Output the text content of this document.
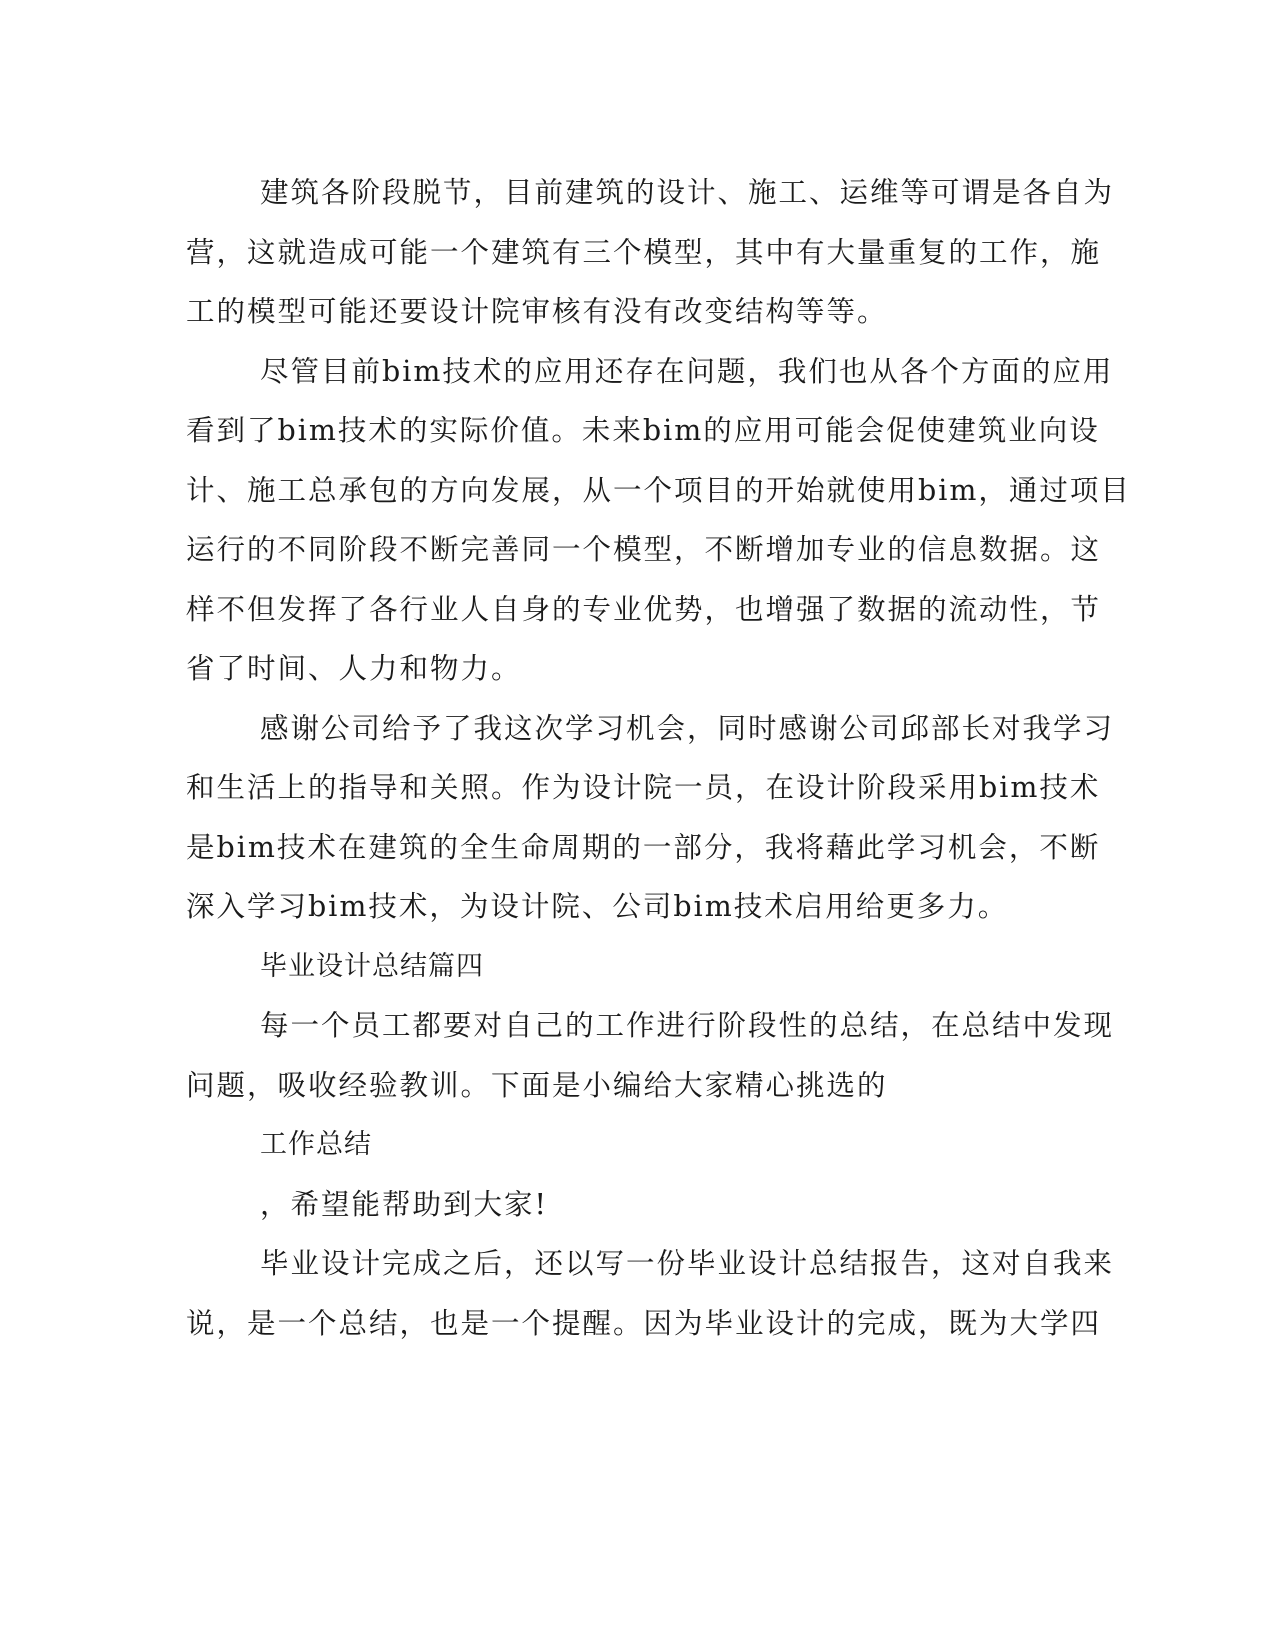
建筑各阶段脱节，目前建筑的设计、施工、运维等可谓是各自为
营，这就造成可能一个建筑有三个模型，其中有大量重复的工作，施
工的模型可能还要设计院审核有没有改变结构等等。

尽管目前bim技术的应用还存在问题，我们也从各个方面的应用
看到了bim技术的实际价值。未来bim的应用可能会促使建筑业向设
计、施工总承包的方向发展，从一个项目的开始就使用bim，通过项目
运行的不同阶段不断完善同一个模型，不断增加专业的信息数据。这
样不但发挥了各行业人自身的专业优势，也增强了数据的流动性，节
省了时间、人力和物力。

感谢公司给予了我这次学习机会，同时感谢公司邱部长对我学习
和生活上的指导和关照。作为设计院一员，在设计阶段采用bim技术
是bim技术在建筑的全生命周期的一部分，我将藉此学习机会，不断
深入学习bim技术，为设计院、公司bim技术启用给更多力。

毕业设计总结篇四

每一个员工都要对自己的工作进行阶段性的总结，在总结中发现
问题，吸收经验教训。下面是小编给大家精心挑选的

工作总结

，希望能帮助到大家!

毕业设计完成之后，还以写一份毕业设计总结报告，这对自我来
说，是一个总结，也是一个提醒。因为毕业设计的完成，既为大学四
